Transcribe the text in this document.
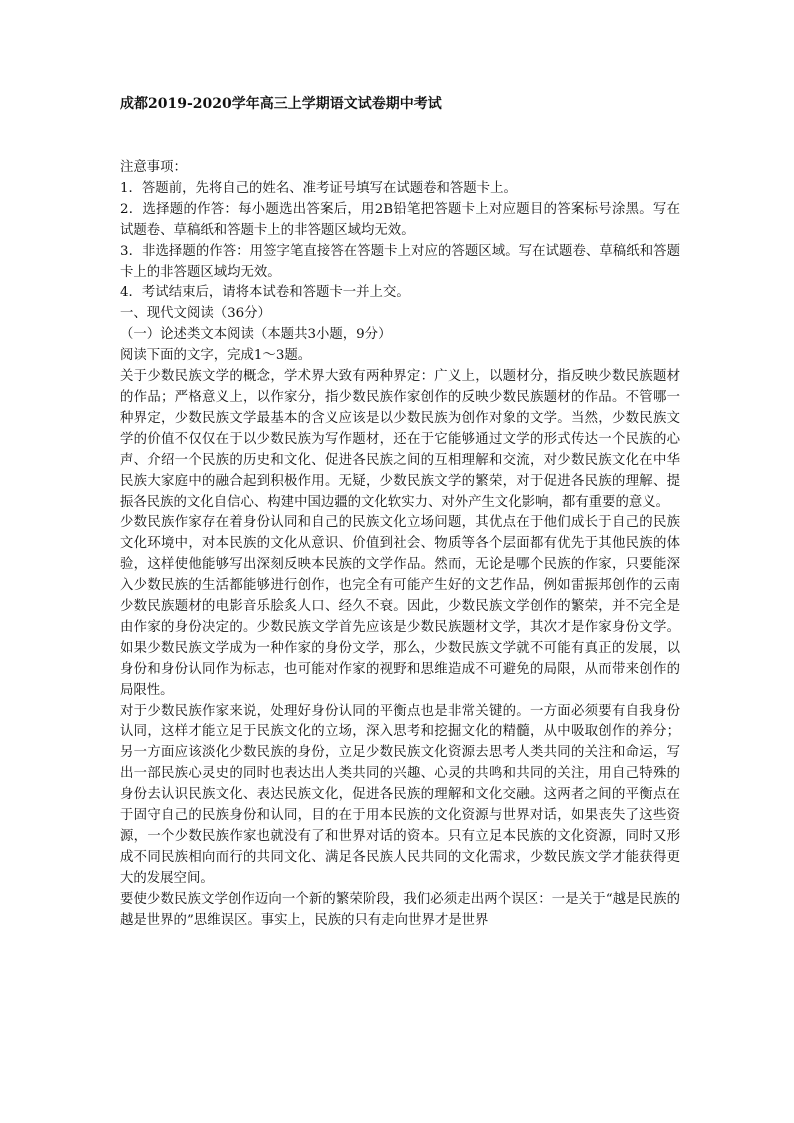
成都2019-2020学年高三上学期语文试卷期中考试

注意事项：

1．答题前，先将自己的姓名、准考证号填写在试题卷和答题卡上。

2．选择题的作答：每小题选出答案后，用2B铅笔把答题卡上对应题目的答案标号涂黑。写在试题卷、草稿纸和答题卡上的非答题区域均无效。

3．非选择题的作答：用签字笔直接答在答题卡上对应的答题区域。写在试题卷、草稿纸和答题卡上的非答题区域均无效。

4．考试结束后，请将本试卷和答题卡一并上交。

一、现代文阅读（36分）

（一）论述类文本阅读（本题共3小题，9分）

阅读下面的文字，完成1～3题。

关于少数民族文学的概念，学术界大致有两种界定：广义上，以题材分，指反映少数民族题材的作品；严格意义上，以作家分，指少数民族作家创作的反映少数民族题材的作品。不管哪一种界定，少数民族文学最基本的含义应该是以少数民族为创作对象的文学。当然，少数民族文学的价值不仅仅在于以少数民族为写作题材，还在于它能够通过文学的形式传达一个民族的心声、介绍一个民族的历史和文化、促进各民族之间的互相理解和交流，对少数民族文化在中华民族大家庭中的融合起到积极作用。无疑，少数民族文学的繁荣，对于促进各民族的理解、提振各民族的文化自信心、构建中国边疆的文化软实力、对外产生文化影响，都有重要的意义。

少数民族作家存在着身份认同和自己的民族文化立场问题，其优点在于他们成长于自己的民族文化环境中，对本民族的文化从意识、价值到社会、物质等各个层面都有优先于其他民族的体验，这样使他能够写出深刻反映本民族的文学作品。然而，无论是哪个民族的作家，只要能深入少数民族的生活都能够进行创作，也完全有可能产生好的文艺作品，例如雷振邦创作的云南少数民族题材的电影音乐脍炙人口、经久不衰。因此，少数民族文学创作的繁荣，并不完全是由作家的身份决定的。少数民族文学首先应该是少数民族题材文学，其次才是作家身份文学。如果少数民族文学成为一种作家的身份文学，那么，少数民族文学就不可能有真正的发展，以身份和身份认同作为标志，也可能对作家的视野和思维造成不可避免的局限，从而带来创作的局限性。

对于少数民族作家来说，处理好身份认同的平衡点也是非常关键的。一方面必须要有自我身份认同，这样才能立足于民族文化的立场，深入思考和挖掘文化的精髓，从中吸取创作的养分；另一方面应该淡化少数民族的身份，立足少数民族文化资源去思考人类共同的关注和命运，写出一部民族心灵史的同时也表达出人类共同的兴趣、心灵的共鸣和共同的关注，用自己特殊的身份去认识民族文化、表达民族文化，促进各民族的理解和文化交融。这两者之间的平衡点在于固守自己的民族身份和认同，目的在于用本民族的文化资源与世界对话，如果丧失了这些资源，一个少数民族作家也就没有了和世界对话的资本。只有立足本民族的文化资源，同时又形成不同民族相向而行的共同文化、满足各民族人民共同的文化需求，少数民族文学才能获得更大的发展空间。

要使少数民族文学创作迈向一个新的繁荣阶段，我们必须走出两个误区：一是关于“越是民族的越是世界的”思维误区。事实上，民族的只有走向世界才是世界
